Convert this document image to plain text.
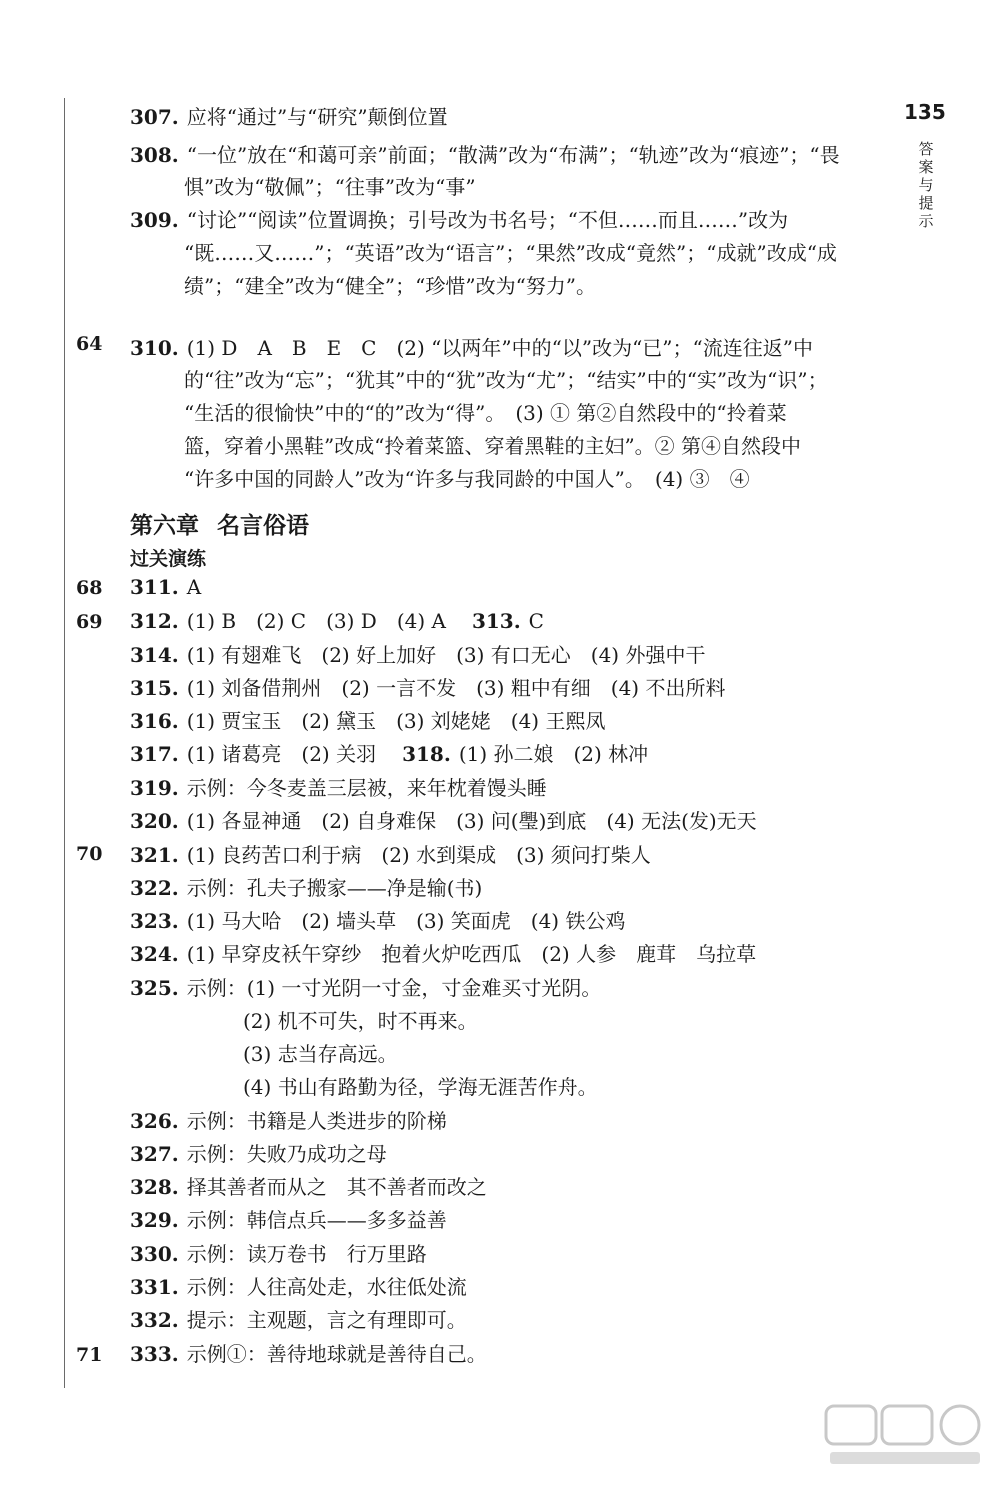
135
答
案
与
提
示
64
68
69
70
71
第六章 名言俗语
过关演练
307. 应将“通过”与“研究”颠倒位置
308. “一位”放在“和蔼可亲”前面；“散满”改为“布满”；“轨迹”改为“痕迹”；“畏
惧”改为“敬佩”；“往事”改为“事”
309. “讨论”“阅读”位置调换；引号改为书名号；“不但……而且……”改为
“既……又……”；“英语”改为“语言”；“果然”改成“竟然”；“成就”改成“成
绩”；“建全”改为“健全”；“珍惜”改为“努力”。
310. (1) D　A　B　E　C　(2) “以两年”中的“以”改为“已”；“流连往返”中
的“往”改为“忘”；“犹其”中的“犹”改为“尤”；“结实”中的“实”改为“识”；
“生活的很愉快”中的“的”改为“得”。　(3) ① 第②自然段中的“拎着菜
篮，穿着小黑鞋”改成“拎着菜篮、穿着黑鞋的主妇”。② 第④自然段中
“许多中国的同龄人”改为“许多与我同龄的中国人”。　(4) ③　④
311. A
312. (1) B　(2) C　(3) D　(4) A 313. C
314. (1) 有翅难飞　(2) 好上加好　(3) 有口无心　(4) 外强中干
315. (1) 刘备借荆州　(2) 一言不发　(3) 粗中有细　(4) 不出所料
316. (1) 贾宝玉　(2) 黛玉　(3) 刘姥姥　(4) 王熙凤
317. (1) 诸葛亮　(2) 关羽 318. (1) 孙二娘　(2) 林冲
319. 示例：今冬麦盖三层被，来年枕着馒头睡
320. (1) 各显神通　(2) 自身难保　(3) 问(璺)到底　(4) 无法(发)无天
321. (1) 良药苦口利于病　(2) 水到渠成　(3) 须问打柴人
322. 示例：孔夫子搬家——净是输(书)
323. (1) 马大哈　(2) 墙头草　(3) 笑面虎　(4) 铁公鸡
324. (1) 早穿皮袄午穿纱　抱着火炉吃西瓜　(2) 人参　鹿茸　乌拉草
325. 示例：(1) 一寸光阴一寸金，寸金难买寸光阴。
(2) 机不可失，时不再来。
(3) 志当存高远。
(4) 书山有路勤为径，学海无涯苦作舟。
326. 示例：书籍是人类进步的阶梯
327. 示例：失败乃成功之母
328. 择其善者而从之　其不善者而改之
329. 示例：韩信点兵——多多益善
330. 示例：读万卷书　行万里路
331. 示例：人往高处走，水往低处流
332. 提示：主观题，言之有理即可。
333. 示例①：善待地球就是善待自己。
